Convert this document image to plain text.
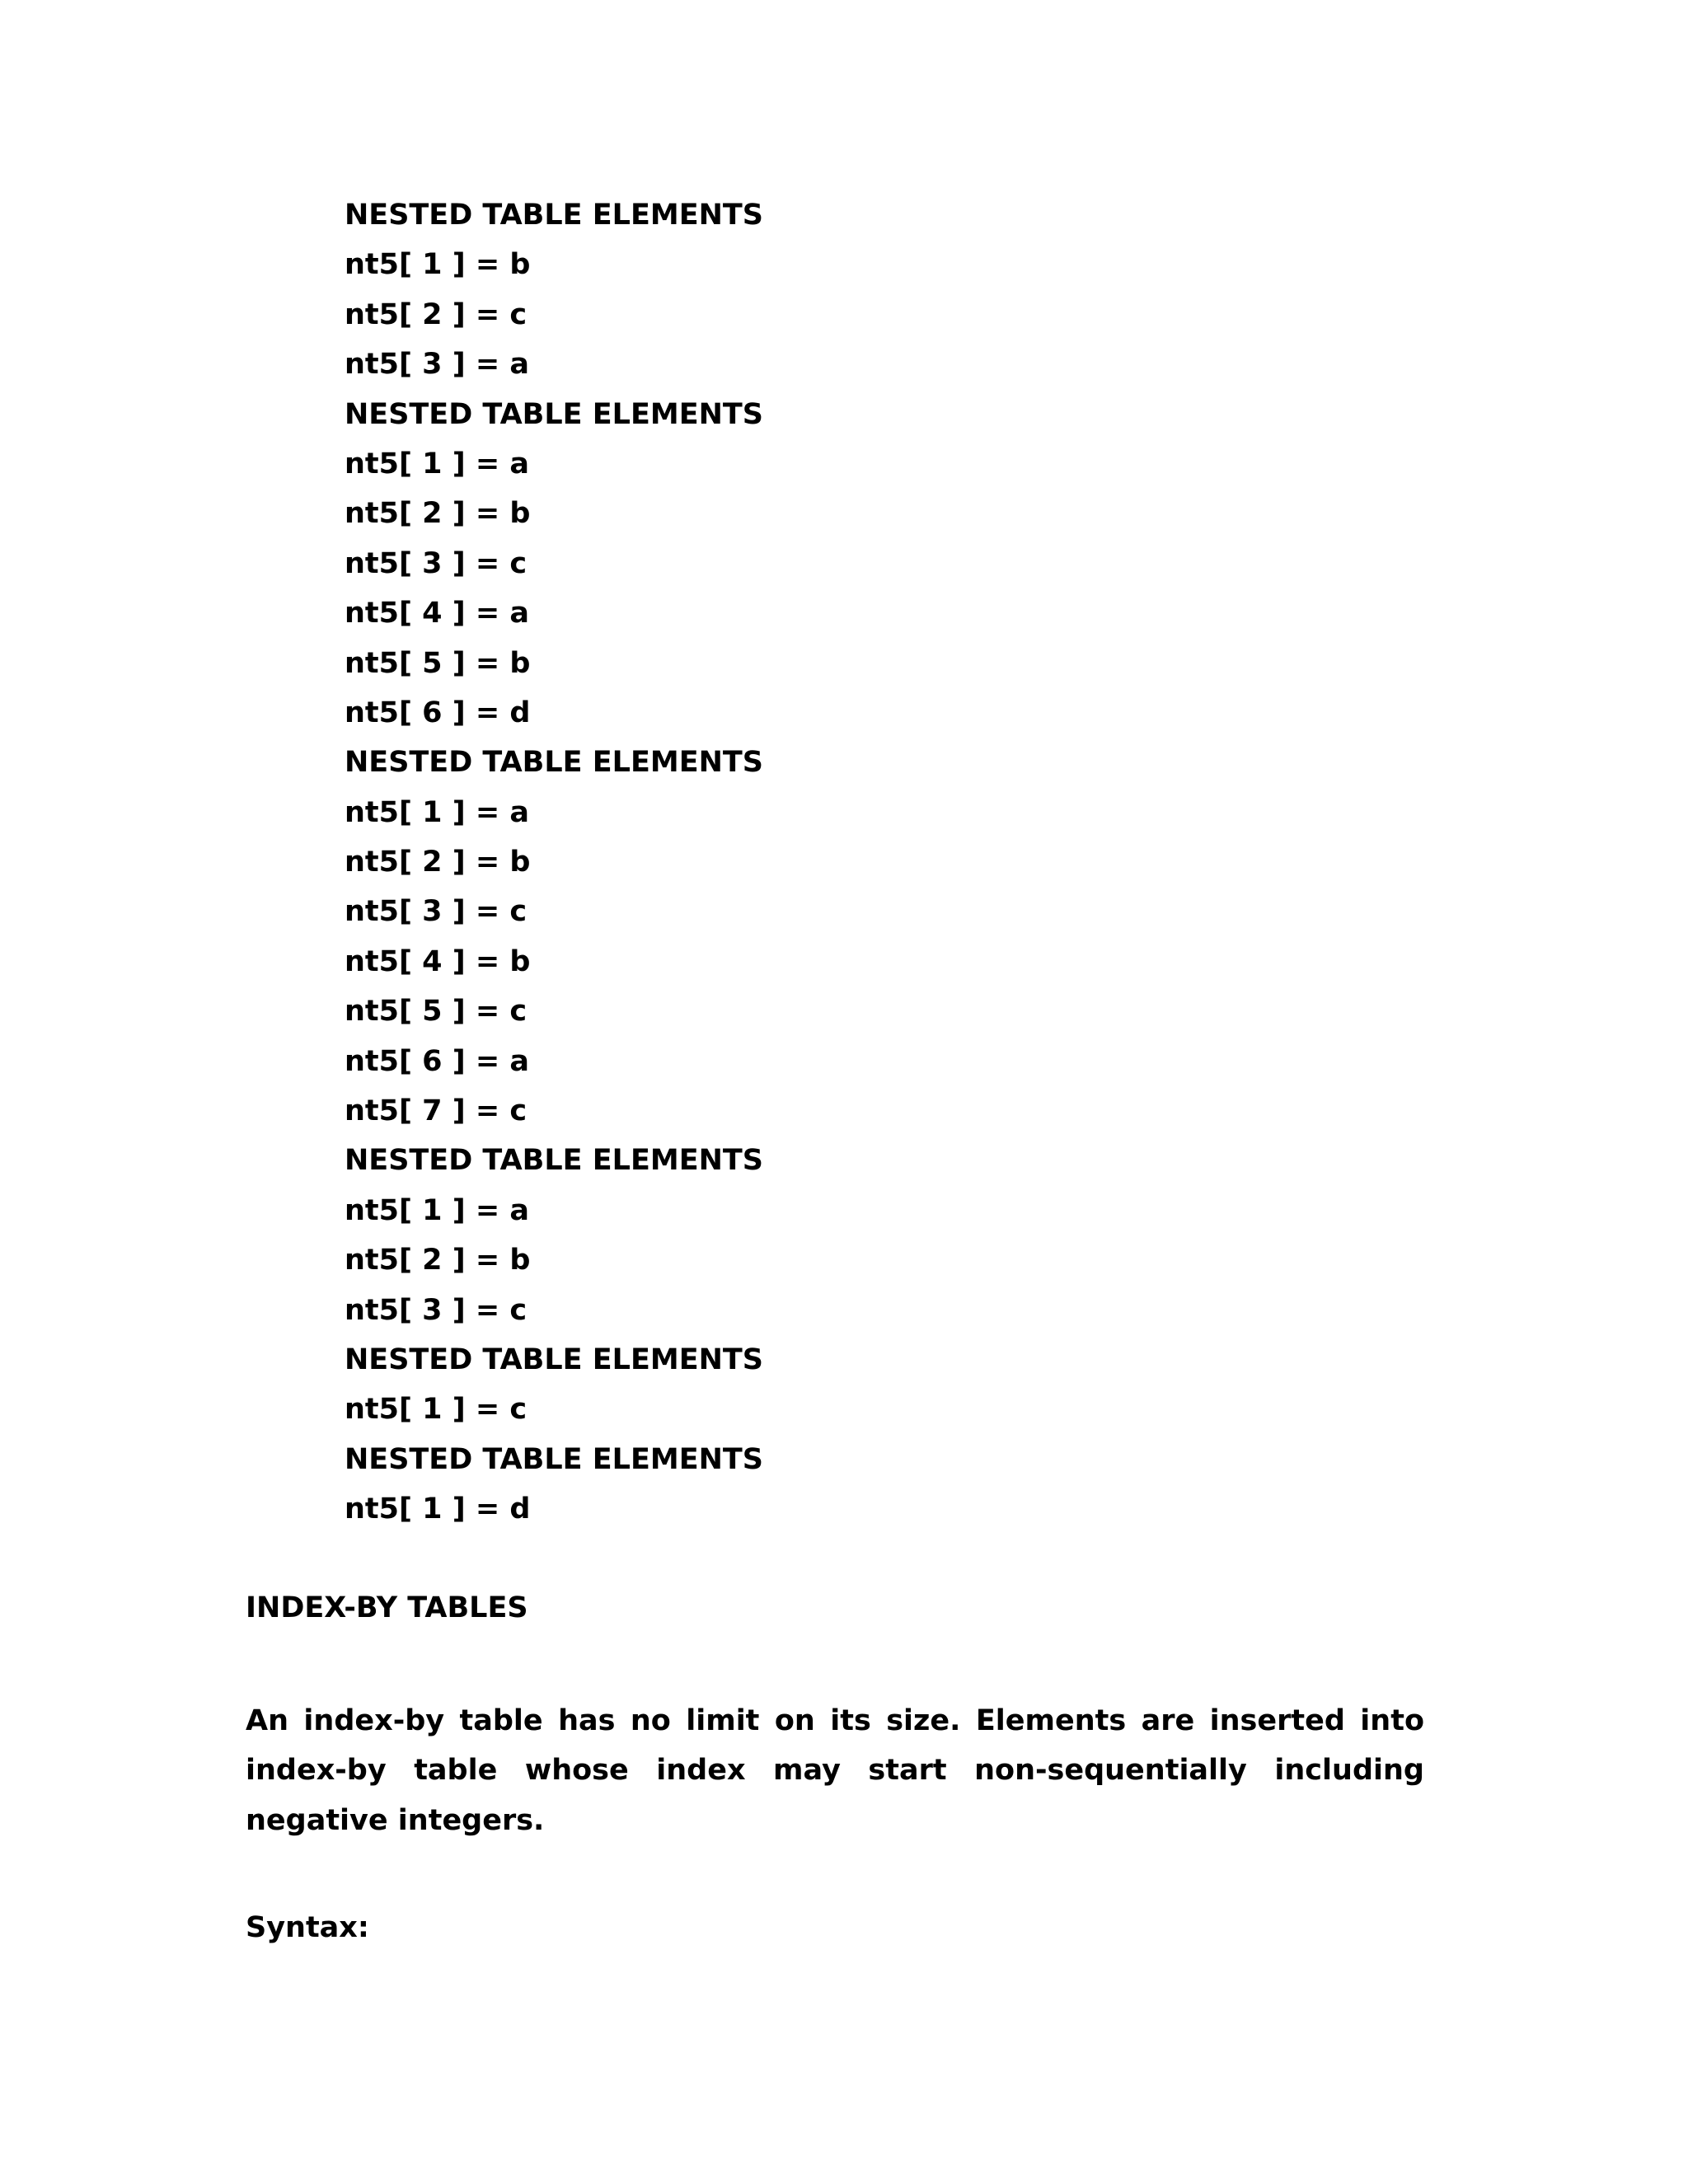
NESTED TABLE ELEMENTS
nt5[ 1 ] = b
nt5[ 2 ] = c
nt5[ 3 ] = a
NESTED TABLE ELEMENTS
nt5[ 1 ] = a
nt5[ 2 ] = b
nt5[ 3 ] = c
nt5[ 4 ] = a
nt5[ 5 ] = b
nt5[ 6 ] = d
NESTED TABLE ELEMENTS
nt5[ 1 ] = a
nt5[ 2 ] = b
nt5[ 3 ] = c
nt5[ 4 ] = b
nt5[ 5 ] = c
nt5[ 6 ] = a
nt5[ 7 ] = c
NESTED TABLE ELEMENTS
nt5[ 1 ] = a
nt5[ 2 ] = b
nt5[ 3 ] = c
NESTED TABLE ELEMENTS
nt5[ 1 ] = c
NESTED TABLE ELEMENTS
nt5[ 1 ] = d
INDEX-BY TABLES

An index-by table has no limit on its size. Elements are inserted into index-by table whose index may start non-sequentially including negative integers.

Syntax:
